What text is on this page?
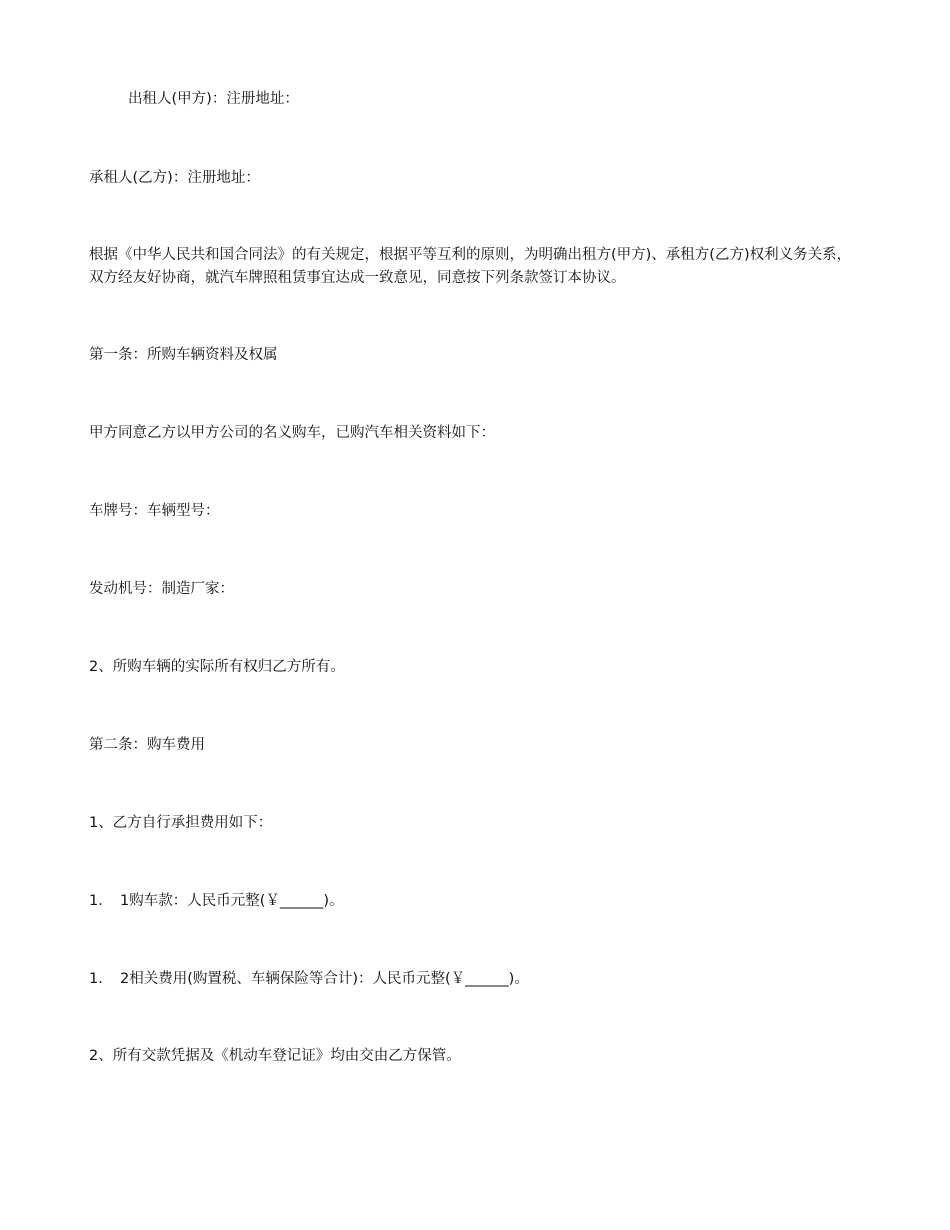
出租人(甲方)：注册地址：

承租人(乙方)：注册地址：

根据《中华人民共和国合同法》的有关规定，根据平等互利的原则，为明确出租方(甲方)、承租方(乙方)权利义务关系，双方经友好协商，就汽车牌照租赁事宜达成一致意见，同意按下列条款签订本协议。

第一条：所购车辆资料及权属

甲方同意乙方以甲方公司的名义购车，已购汽车相关资料如下：

车牌号：车辆型号：

发动机号：制造厂家：

2、所购车辆的实际所有权归乙方所有。

第二条：购车费用

1、乙方自行承担费用如下：

1．　1购车款：人民币元整(￥______)。

1．　2相关费用(购置税、车辆保险等合计)：人民币元整(￥______)。

2、所有交款凭据及《机动车登记证》均由交由乙方保管。
